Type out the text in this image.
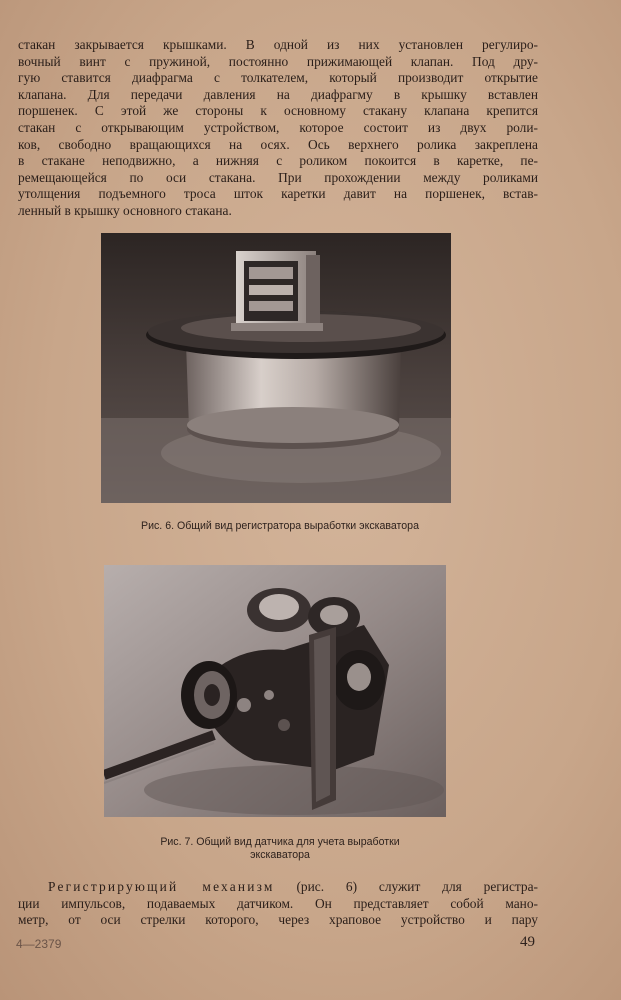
стакан закрывается крышками. В одной из них установлен регулиро-
вочный винт с пружиной, постоянно прижимающей клапан. Под дру-
гую ставится диафрагма с толкателем, который производит открытие
клапана. Для передачи давления на диафрагму в крышку вставлен
поршенек. С этой же стороны к основному стакану клапана крепится
стакан с открывающим устройством, которое состоит из двух роли-
ков, свободно вращающихся на осях. Ось верхнего ролика закреплена
в стакане неподвижно, а нижняя с роликом покоится в каретке, пе-
ремещающейся по оси стакана. При прохождении между роликами
утолщения подъемного троса шток каретки давит на поршенек, встав-
ленный в крышку основного стакана.
Рис. 6. Общий вид регистратора выработки экскаватора
Рис. 7. Общий вид датчика для учета выработки
экскаватора
Регистрирующий механизм (рис. 6) служит для регистра-
ции импульсов, подаваемых датчиком. Он представляет собой мано-
метр, от оси стрелки которого, через храповое устройство и пару
4—2379	49
